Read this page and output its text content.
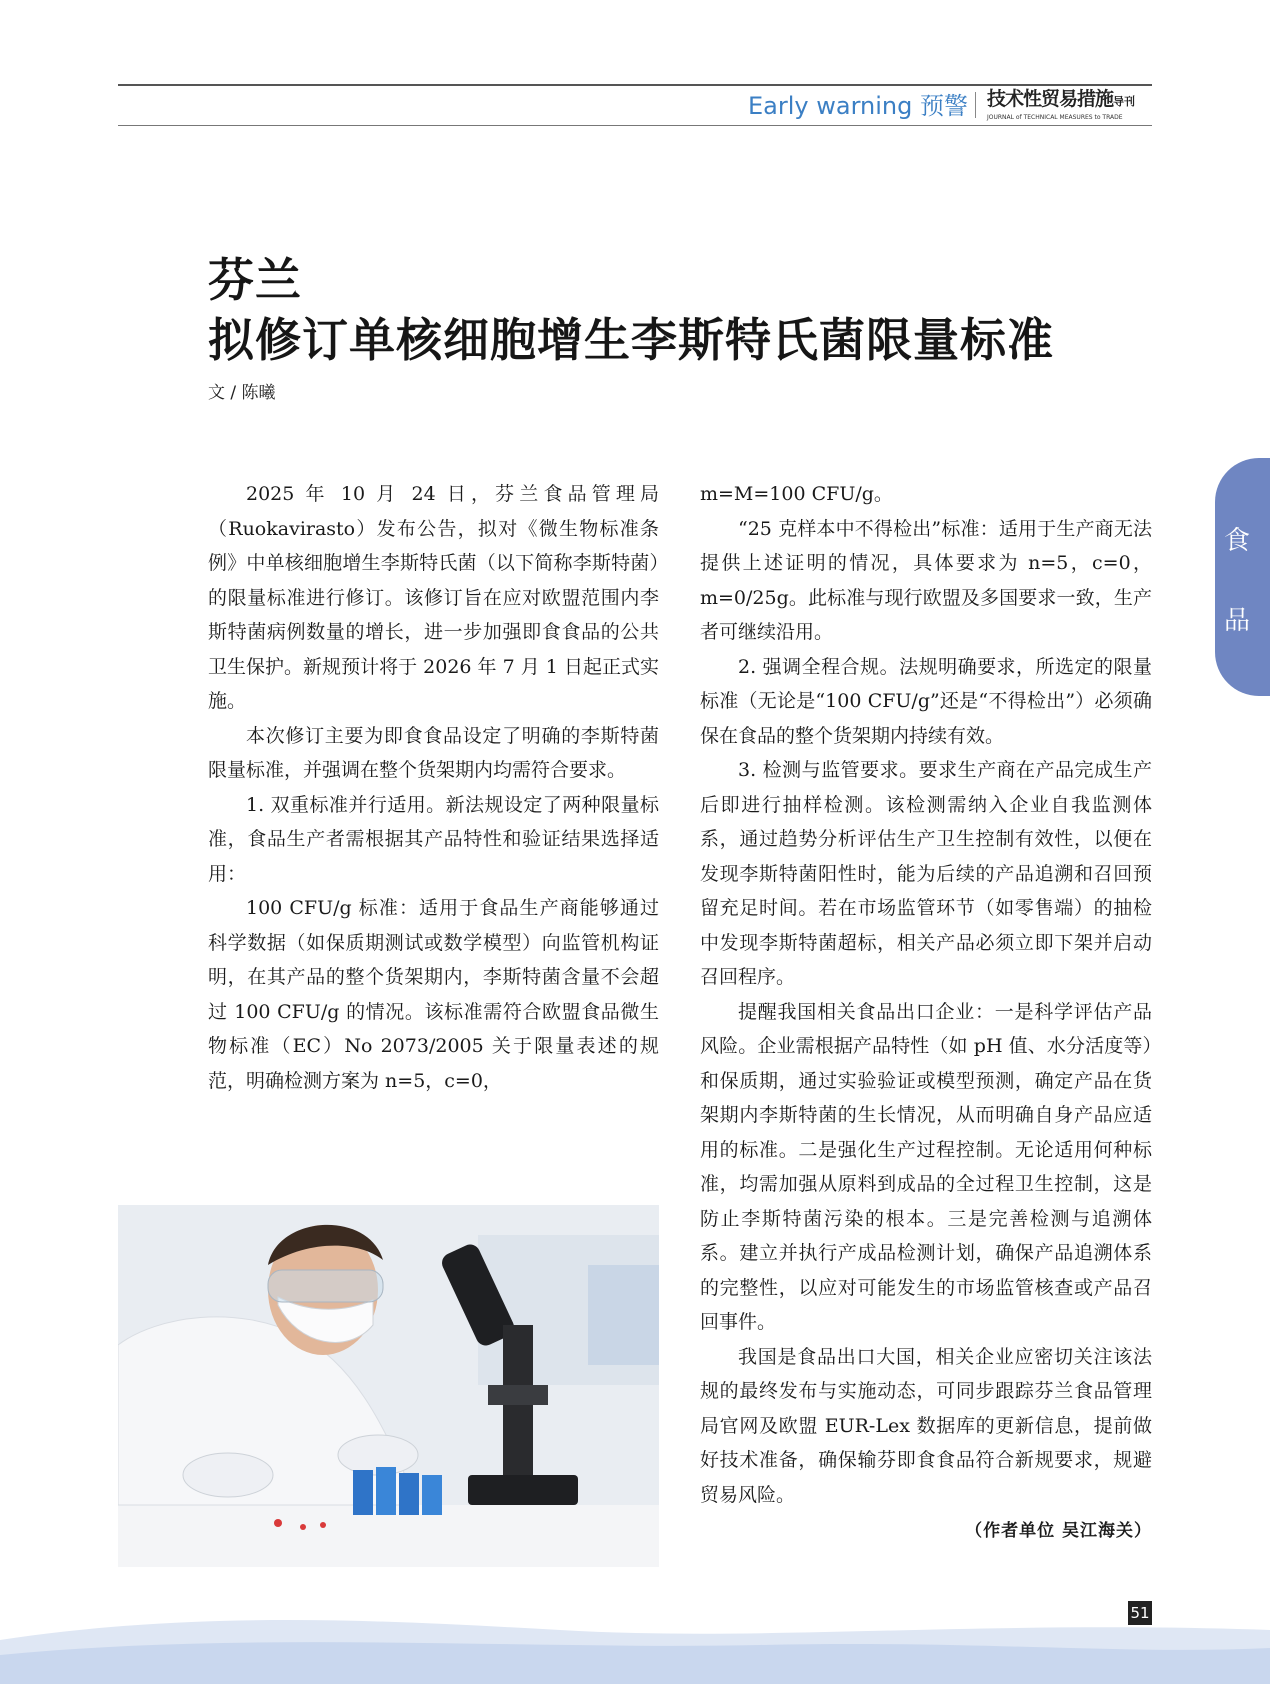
Early warning 预警 技术性贸易措施导刊
JOURNAL of TECHNICAL MEASURES to TRADE
芬兰
拟修订单核细胞增生李斯特氏菌限量标准
文 / 陈曦

2025 年 10 月 24 日，芬兰食品管理局（Ruokavirasto）发布公告，拟对《微生物标准条例》中单核细胞增生李斯特氏菌（以下简称李斯特菌）的限量标准进行修订。该修订旨在应对欧盟范围内李斯特菌病例数量的增长，进一步加强即食食品的公共卫生保护。新规预计将于 2026 年 7 月 1 日起正式实施。

本次修订主要为即食食品设定了明确的李斯特菌限量标准，并强调在整个货架期内均需符合要求。

1. 双重标准并行适用。新法规设定了两种限量标准，食品生产者需根据其产品特性和验证结果选择适用：

100 CFU/g 标准：适用于食品生产商能够通过科学数据（如保质期测试或数学模型）向监管机构证明，在其产品的整个货架期内，李斯特菌含量不会超过 100 CFU/g 的情况。该标准需符合欧盟食品微生物标准（EC）No 2073/2005 关于限量表述的规范，明确检测方案为 n=5，c=0，

m=M=100 CFU/g。

“25 克样本中不得检出”标准：适用于生产商无法提供上述证明的情况，具体要求为 n=5，c=0，m=0/25g。此标准与现行欧盟及多国要求一致，生产者可继续沿用。

2. 强调全程合规。法规明确要求，所选定的限量标准（无论是“100 CFU/g”还是“不得检出”）必须确保在食品的整个货架期内持续有效。

3. 检测与监管要求。要求生产商在产品完成生产后即进行抽样检测。该检测需纳入企业自我监测体系，通过趋势分析评估生产卫生控制有效性，以便在发现李斯特菌阳性时，能为后续的产品追溯和召回预留充足时间。若在市场监管环节（如零售端）的抽检中发现李斯特菌超标，相关产品必须立即下架并启动召回程序。

提醒我国相关食品出口企业：一是科学评估产品风险。企业需根据产品特性（如 pH 值、水分活度等）和保质期，通过实验验证或模型预测，确定产品在货架期内李斯特菌的生长情况，从而明确自身产品应适用的标准。二是强化生产过程控制。无论适用何种标准，均需加强从原料到成品的全过程卫生控制，这是防止李斯特菌污染的根本。三是完善检测与追溯体系。建立并执行产成品检测计划，确保产品追溯体系的完整性，以应对可能发生的市场监管核查或产品召回事件。

我国是食品出口大国，相关企业应密切关注该法规的最终发布与实施动态，可同步跟踪芬兰食品管理局官网及欧盟 EUR-Lex 数据库的更新信息，提前做好技术准备，确保输芬即食食品符合新规要求，规避贸易风险。

（作者单位 吴江海关）
食
品
51
